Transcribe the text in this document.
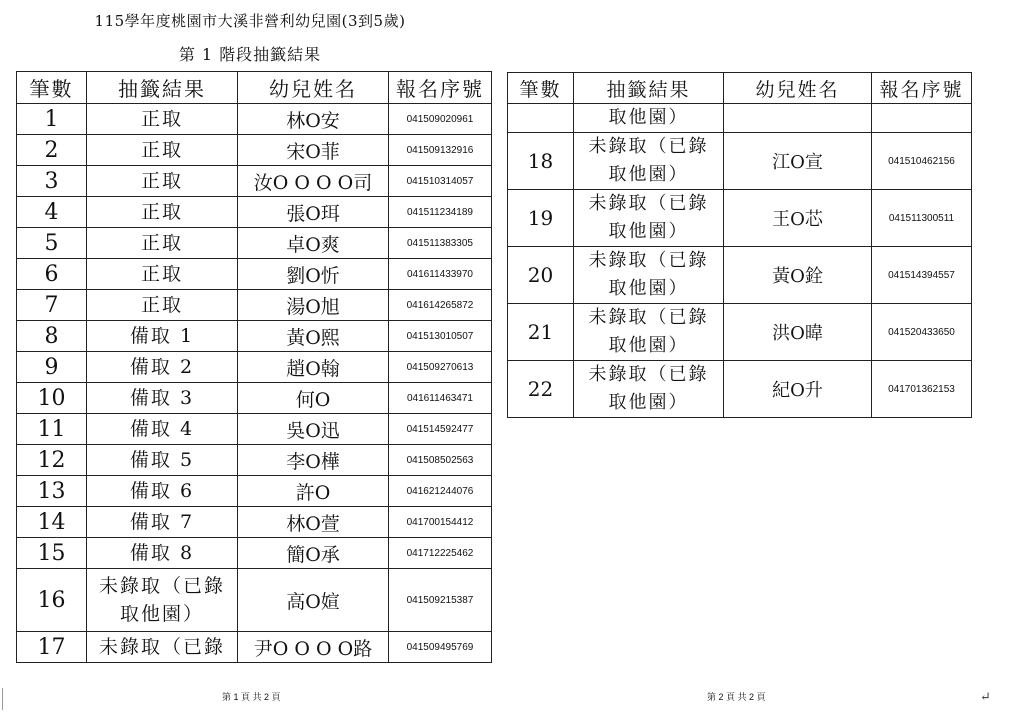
115學年度桃園市大溪非營利幼兒園(3到5歲)
第 1 階段抽籤結果
筆數	抽籤結果	幼兒姓名	報名序號
1	正取	林O安	041509020961
2	正取	宋O菲	041509132916
3	正取	汝O O O O司	041510314057
4	正取	張O珥	041511234189
5	正取	卓O爽	041511383305
6	正取	劉O忻	041611433970
7	正取	湯O旭	041614265872
8	備取 1	黃O熙	041513010507
9	備取 2	趙O翰	041509270613
10	備取 3	何O	041611463471
11	備取 4	吳O迅	041514592477
12	備取 5	李O樺	041508502563
13	備取 6	許O	041621244076
14	備取 7	林O萱	041700154412
15	備取 8	簡O承	041712225462
16	未錄取（已錄
取他園）	高O媗	041509215387
17	未錄取（已錄	尹O O O O路	041509495769
筆數	抽籤結果	幼兒姓名	報名序號
	取他園）		
18	未錄取（已錄
取他園）	江O宣	041510462156
19	未錄取（已錄
取他園）	王O芯	041511300511
20	未錄取（已錄
取他園）	黃O銓	041514394557
21	未錄取（已錄
取他園）	洪O暐	041520433650
22	未錄取（已錄
取他園）	紀O升	041701362153
第 1 頁 共 2 頁	第 2 頁 共 2 頁	↵
